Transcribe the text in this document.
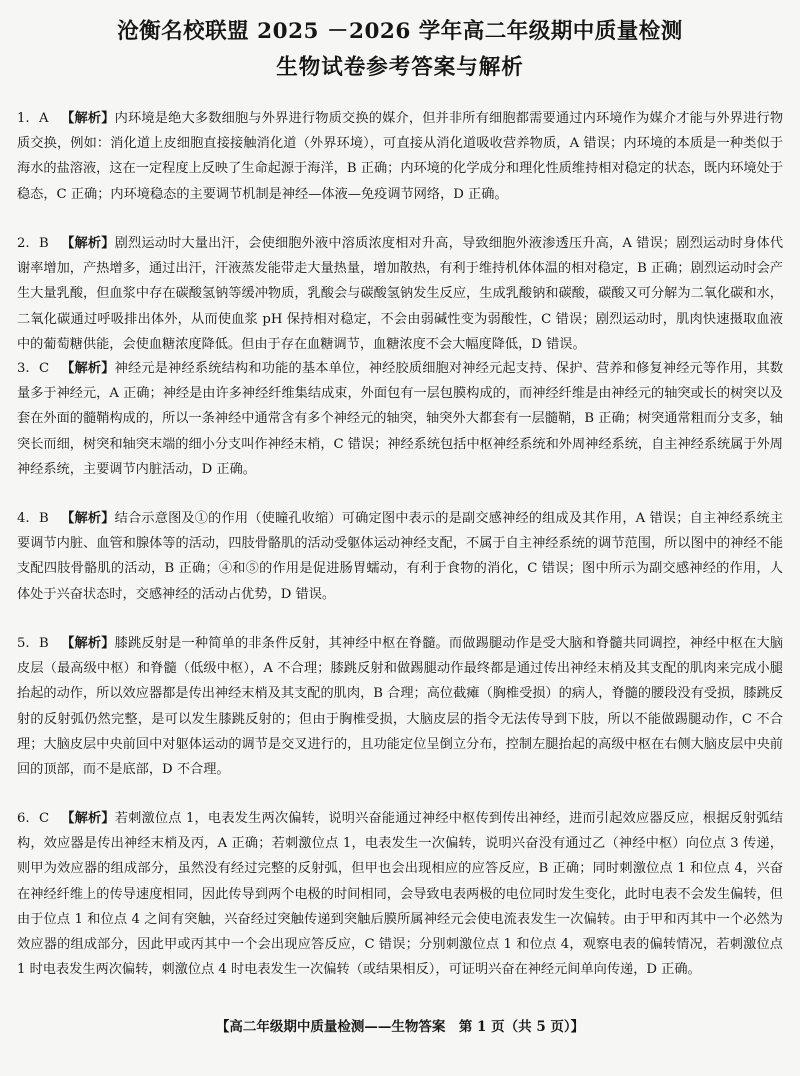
沧衡名校联盟 2025 －2026 学年高二年级期中质量检测
生物试卷参考答案与解析
1. A 【解析】内环境是绝大多数细胞与外界进行物质交换的媒介，但并非所有细胞都需要通过内环境作为媒介才能与外界进行物质交换，例如：消化道上皮细胞直接接触消化道（外界环境），可直接从消化道吸收营养物质，A 错误；内环境的本质是一种类似于海水的盐溶液，这在一定程度上反映了生命起源于海洋，B 正确；内环境的化学成分和理化性质维持相对稳定的状态，既内环境处于稳态，C 正确；内环境稳态的主要调节机制是神经—体液—免疫调节网络，D 正确。
2. B 【解析】剧烈运动时大量出汗，会使细胞外液中溶质浓度相对升高，导致细胞外液渗透压升高，A 错误；剧烈运动时身体代谢率增加，产热增多，通过出汗，汗液蒸发能带走大量热量，增加散热，有利于维持机体体温的相对稳定，B 正确；剧烈运动时会产生大量乳酸，但血浆中存在碳酸氢钠等缓冲物质，乳酸会与碳酸氢钠发生反应，生成乳酸钠和碳酸，碳酸又可分解为二氧化碳和水，二氧化碳通过呼吸排出体外，从而使血浆 pH 保持相对稳定，不会由弱碱性变为弱酸性，C 错误；剧烈运动时，肌肉快速摄取血液中的葡萄糖供能，会使血糖浓度降低。但由于存在血糖调节，血糖浓度不会大幅度降低，D 错误。
3. C 【解析】神经元是神经系统结构和功能的基本单位，神经胶质细胞对神经元起支持、保护、营养和修复神经元等作用，其数量多于神经元，A 正确；神经是由许多神经纤维集结成束，外面包有一层包膜构成的，而神经纤维是由神经元的轴突或长的树突以及套在外面的髓鞘构成的，所以一条神经中通常含有多个神经元的轴突，轴突外大都套有一层髓鞘，B 正确；树突通常粗而分支多，轴突长而细，树突和轴突末端的细小分支叫作神经末梢，C 错误；神经系统包括中枢神经系统和外周神经系统，自主神经系统属于外周神经系统，主要调节内脏活动，D 正确。
4. B 【解析】结合示意图及①的作用（使瞳孔收缩）可确定图中表示的是副交感神经的组成及其作用，A 错误；自主神经系统主要调节内脏、血管和腺体等的活动，四肢骨骼肌的活动受躯体运动神经支配，不属于自主神经系统的调节范围，所以图中的神经不能支配四肢骨骼肌的活动，B 正确；④和⑤的作用是促进肠胃蠕动，有利于食物的消化，C 错误；图中所示为副交感神经的作用，人体处于兴奋状态时，交感神经的活动占优势，D 错误。
5. B 【解析】膝跳反射是一种简单的非条件反射，其神经中枢在脊髓。而做踢腿动作是受大脑和脊髓共同调控，神经中枢在大脑皮层（最高级中枢）和脊髓（低级中枢），A 不合理；膝跳反射和做踢腿动作最终都是通过传出神经末梢及其支配的肌肉来完成小腿抬起的动作，所以效应器都是传出神经末梢及其支配的肌肉，B 合理；高位截瘫（胸椎受损）的病人，脊髓的腰段没有受损，膝跳反射的反射弧仍然完整，是可以发生膝跳反射的；但由于胸椎受损，大脑皮层的指令无法传导到下肢，所以不能做踢腿动作，C 不合理；大脑皮层中央前回中对躯体运动的调节是交叉进行的，且功能定位呈倒立分布，控制左腿抬起的高级中枢在右侧大脑皮层中央前回的顶部，而不是底部，D 不合理。
6. C 【解析】若刺激位点 1，电表发生两次偏转，说明兴奋能通过神经中枢传到传出神经，进而引起效应器反应，根据反射弧结构，效应器是传出神经末梢及丙，A 正确；若刺激位点 1，电表发生一次偏转，说明兴奋没有通过乙（神经中枢）向位点 3 传递，则甲为效应器的组成部分，虽然没有经过完整的反射弧，但甲也会出现相应的应答反应，B 正确；同时刺激位点 1 和位点 4，兴奋在神经纤维上的传导速度相同，因此传导到两个电极的时间相同，会导致电表两极的电位同时发生变化，此时电表不会发生偏转，但由于位点 1 和位点 4 之间有突触，兴奋经过突触传递到突触后膜所属神经元会使电流表发生一次偏转。由于甲和丙其中一个必然为效应器的组成部分，因此甲或丙其中一个会出现应答反应，C 错误；分别刺激位点 1 和位点 4，观察电表的偏转情况，若刺激位点 1 时电表发生两次偏转，刺激位点 4 时电表发生一次偏转（或结果相反），可证明兴奋在神经元间单向传递，D 正确。
【高二年级期中质量检测——生物答案　第 1 页（共 5 页）】
